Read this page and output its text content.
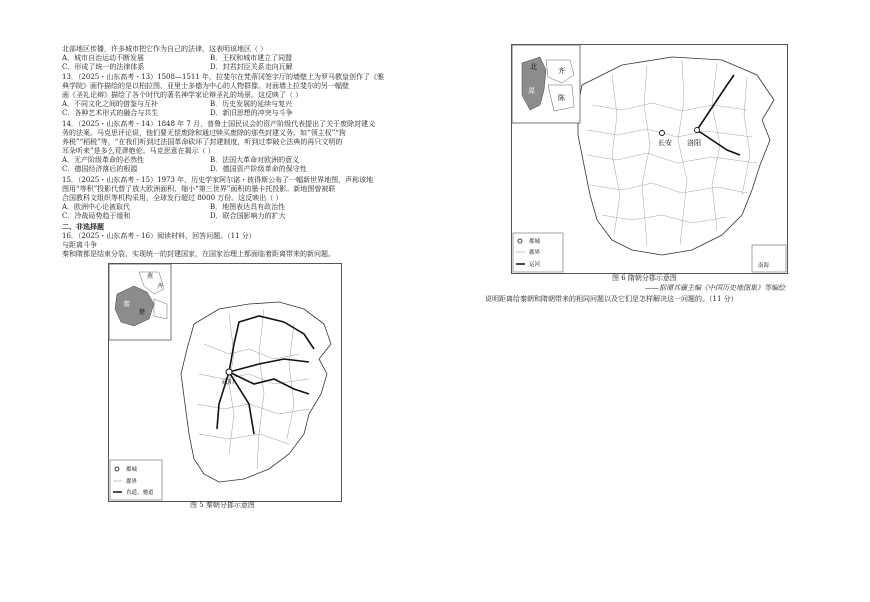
北部地区传播，许多城市把它作为自己的法律，这表明该地区（ ）
A．城市自治运动不断发展	B．王权和城市建立了同盟
C．形成了统一的法律体系	D．封君封臣关系走向瓦解
13．（2025・山东高考・13）1508—1511 年，拉斐尔在梵蒂冈签字厅的墙壁上为罗马教皇创作了《雅
典学院》画作描绘的是以柏拉图、亚里士多德为中心的人物群像。对面墙上拉斐尔的另一幅壁
画《圣礼论辩》描绘了各个时代的著名神学家论辩圣礼的场景。这反映了（ ）
A．不同文化之间的借鉴与互补	B．历史发展的延续与复兴
C．各种艺术形式的融合与共生	D．新旧思想的冲突与斗争
14．（2025・山东高考・14）1848 年 7 月，普鲁士国民议会的资产阶级代表提出了关于废除封建义
务的法案。马克思评论说，他们要无偿废除和通过赎买废除的那些封建义务，如“领主权”“狗
养税”“稻税”等，“在我们听到过法国革命砍坏了封建制度，听到过奉破仑法典的再只文明的
耳朵听来”是多么荒谬绝伦。马克思意在揭示（ ）
A．无产阶级革命的必然性	B．法国大革命对欧洲的意义
C．德国经济落后的根源	D．德国资产阶级革命的保守性
15．（2025・山东高考・15）1973 年，历史学家阿尔诺・彼得斯公布了一幅新世界地图，声称该地
图用“等积”投影代替了放大欧洲面积、缩小“第三世界”面积的墨卡托投影。新地图曾被联
合国教科文组织等机构采用，全球发行超过 8000 万份。这反映出（ ）
A．欧洲中心论被取代	B．地图表达具有政治性
C．冷战局势趋于缓和	D．联合国影响力的扩大
二、非选择题
16．（2025・山东高考・16）阅读材料，回答问题。（11 分）
与距离斗争
秦和隋都是结束分裂、实现统一的封建国家，在国家治理上都面临着距离带来的新问题。
咸阳
燕
齐
楚
秦
都城
郡界
直道、驰道
图 5 秦朝分郡示意图
长安 洛阳
北	齐
周
陈
都城
郡界
运河	南海
图 6 隋朝分郡示意图
——据谭其骧主编《中国历史地图集》等编绘
说明距离给秦朝和隋朝带来的相同问题以及它们是怎样解决这一问题的。（11 分）
